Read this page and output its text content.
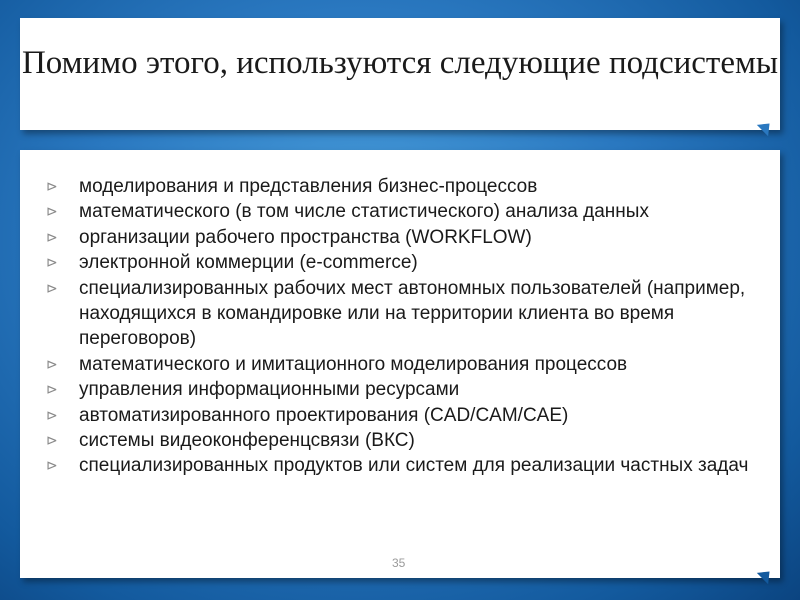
Помимо этого, используются следующие подсистемы
⊳ моделирования и представления бизнес-процессов
⊳ математического (в том числе статистического) анализа данных
⊳ организации рабочего пространства (WORKFLOW)
⊳ электронной коммерции (е-commerce)
⊳ специализированных рабочих мест автономных пользователей (например, находящихся в командировке или на территории клиента во время переговоров)
⊳ математического и имитационного моделирования процессов
⊳ управления информационными ресурсами
⊳ автоматизированного проектирования (CAD/CAM/CAE)
⊳ системы видеоконференцсвязи (ВКС)
⊳ специализированных продуктов или систем для реализации частных задач
35
